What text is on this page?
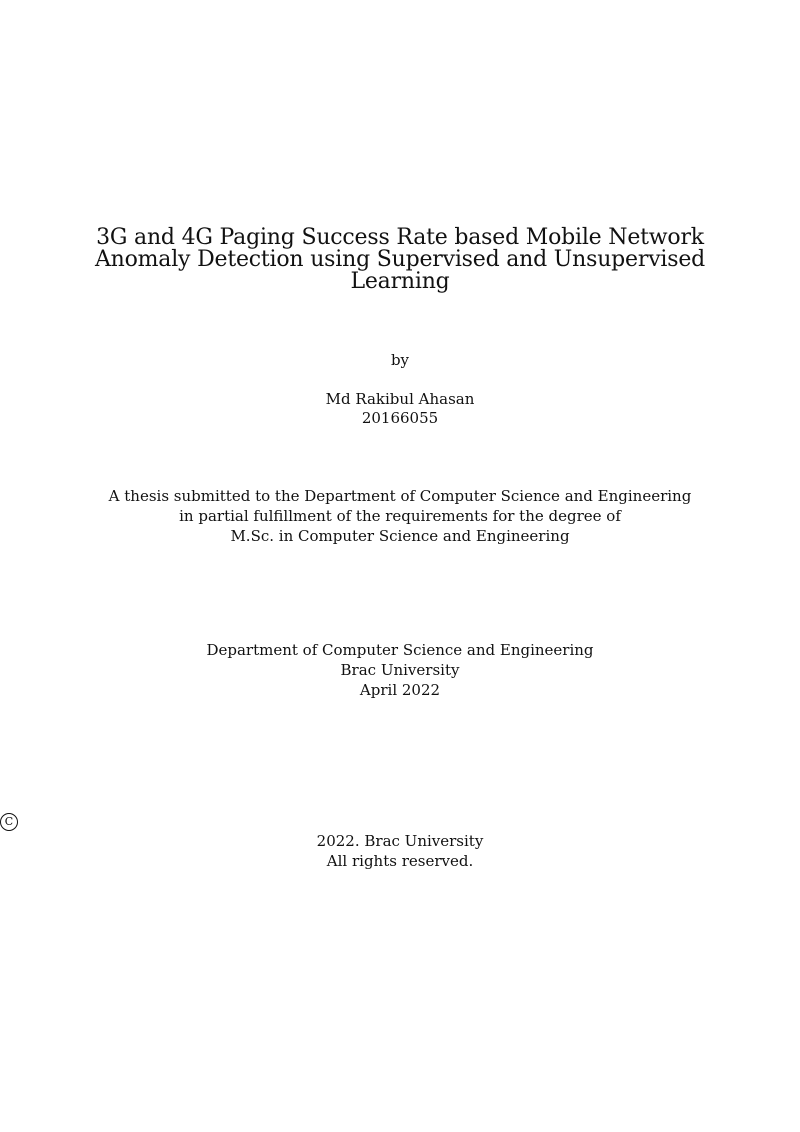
3G and 4G Paging Success Rate based Mobile Network
Anomaly Detection using Supervised and Unsupervised
Learning
by
Md Rakibul Ahasan
20166055
A thesis submitted to the Department of Computer Science and Engineering
in partial fulfillment of the requirements for the degree of
M.Sc. in Computer Science and Engineering
Department of Computer Science and Engineering
Brac University
April 2022
C
2022. Brac University
All rights reserved.
